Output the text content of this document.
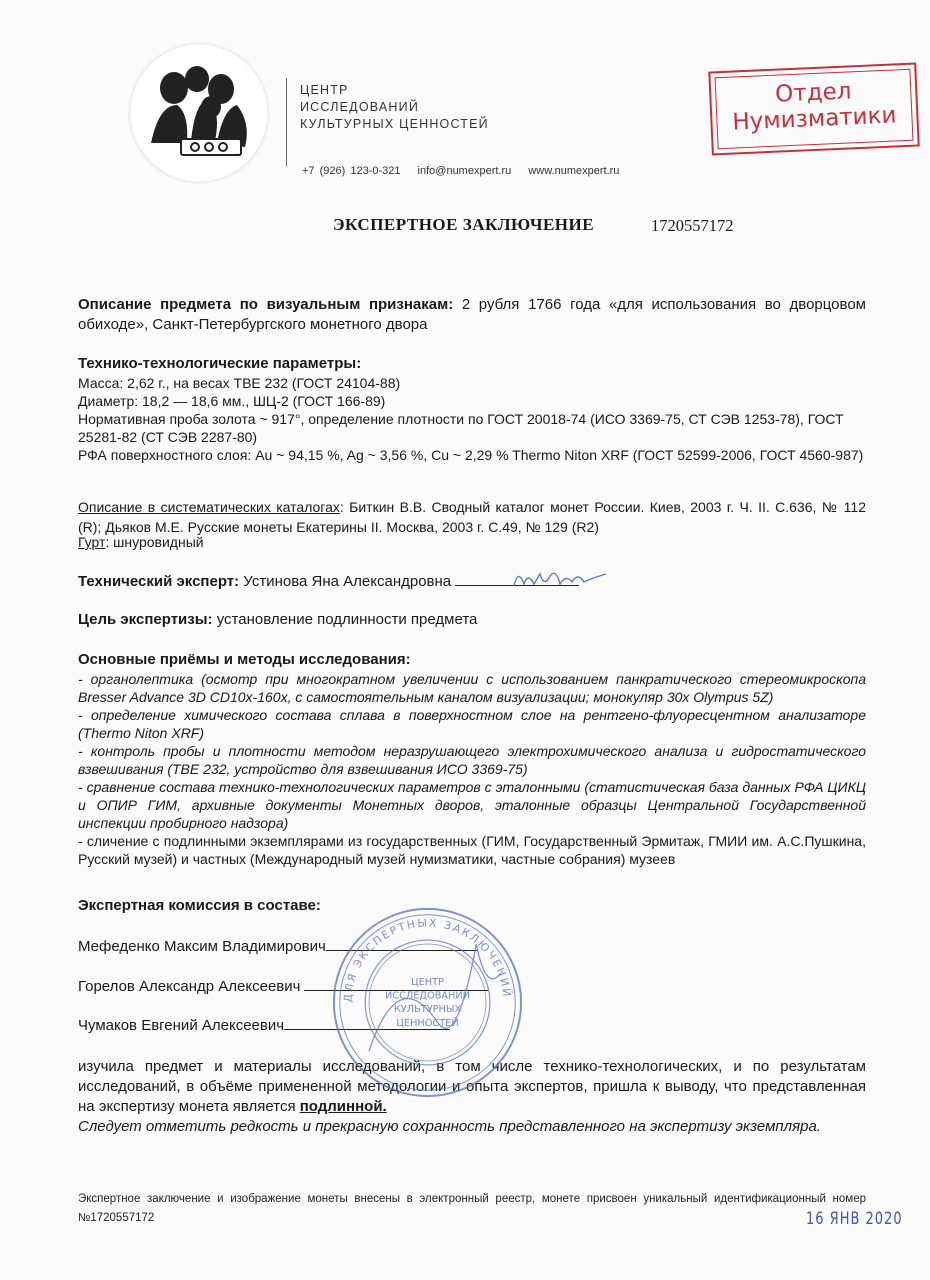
ЦЕНТР
ИССЛЕДОВАНИЙ
КУЛЬТУРНЫХ ЦЕННОСТЕЙ
+7 (926) 123-0-321 info@numexpert.ru www.numexpert.ru
Отдел
Нумизматики
ЭКСПЕРТНОЕ ЗАКЛЮЧЕНИЕ	1720557172
Описание предмета по визуальным признакам: 2 рубля 1766 года «для использования во дворцовом обиходе», Санкт-Петербургского монетного двора
Технико-технологические параметры:
Масса: 2,62 г., на весах ТВЕ 232 (ГОСТ 24104-88)
Диаметр: 18,2 — 18,6 мм., ШЦ-2 (ГОСТ 166-89)
Нормативная проба золота ~ 917°, определение плотности по ГОСТ 20018-74 (ИСО 3369-75, СТ СЭВ 1253-78), ГОСТ 25281-82 (СТ СЭВ 2287-80)
РФА поверхностного слоя: Au ~ 94,15 %, Ag ~ 3,56 %, Cu ~ 2,29 % Thermo Niton XRF (ГОСТ 52599-2006, ГОСТ 4560-987)
Описание в систематических каталогах: Биткин В.В. Сводный каталог монет России. Киев, 2003 г. Ч. II. С.636, № 112 (R); Дьяков М.Е. Русские монеты Екатерины II. Москва, 2003 г. С.49, № 129 (R2)
Гурт: шнуровидный
Технический эксперт: Устинова Яна Александровна
Цель экспертизы: установление подлинности предмета
Основные приёмы и методы исследования:
- органолептика (осмотр при многократном увеличении с использованием панкратического стереомикроскопа Bresser Advance 3D CD10x-160x, с самостоятельным каналом визуализации; монокуляр 30x Olympus 5Z)
- определение химического состава сплава в поверхностном слое на рентгено-флуоресцентном анализаторе (Thermo Niton XRF)
- контроль пробы и плотности методом неразрушающего электрохимического анализа и гидростатического взвешивания (ТВЕ 232, устройство для взвешивания ИСО 3369-75)
- сравнение состава технико-технологических параметров с эталонными (статистическая база данных РФА ЦИКЦ и ОПИР ГИМ, архивные документы Монетных дворов, эталонные образцы Центральной Государственной инспекции пробирного надзора)
- сличение с подлинными экземплярами из государственных (ГИМ, Государственный Эрмитаж, ГМИИ им. А.С.Пушкина, Русский музей) и частных (Международный музей нумизматики, частные собрания) музеев
Экспертная комиссия в составе:
Мефеденко Максим Владимирович
Горелов Александр Алексеевич
Чумаков Евгений Алексеевич
изучила предмет и материалы исследований, в том числе технико-технологических, и по результатам исследований, в объёме примененной методологии и опыта экспертов, пришла к выводу, что представленная на экспертизу монета является подлинной.
Следует отметить редкость и прекрасную сохранность представленного на экспертизу экземпляра.
Экспертное заключение и изображение монеты внесены в электронный реестр, монете присвоен уникальный идентификационный номер №1720557172	16 ЯНВ 2020
ДЛЯ ЭКСПЕРТНЫХ ЗАКЛЮЧЕНИЙ
ЦЕНТР
ИССЛЕДОВАНИЙ
КУЛЬТУРНЫХ
ЦЕННОСТЕЙ
